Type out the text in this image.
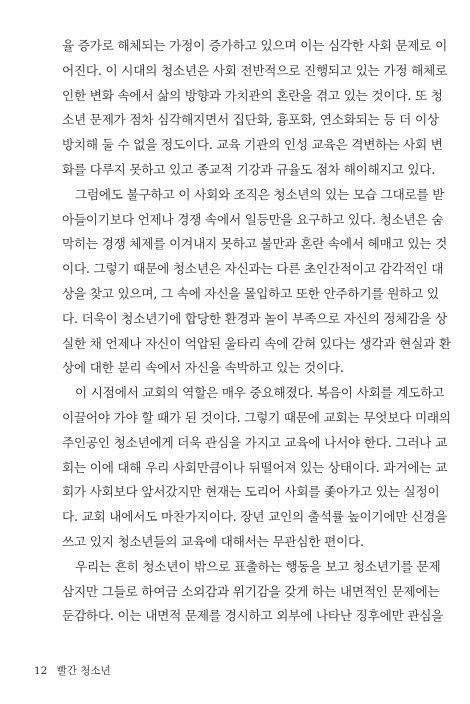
율 증가로 해체되는 가정이 증가하고 있으며 이는 심각한 사회 문제로 이
어진다. 이 시대의 청소년은 사회 전반적으로 진행되고 있는 가정 해체로
인한 변화 속에서 삶의 방향과 가치관의 혼란을 겪고 있는 것이다. 또 청
소년 문제가 점차 심각해지면서 집단화, 흉포화, 연소화되는 등 더 이상
방치해 둘 수 없을 정도이다. 교육 기관의 인성 교육은 격변하는 사회 변
화를 다루지 못하고 있고 종교적 기강과 규율도 점차 해이해지고 있다.
그럼에도 불구하고 이 사회와 조직은 청소년의 있는 모습 그대로를 받
아들이기보다 언제나 경쟁 속에서 일등만을 요구하고 있다. 청소년은 숨
막히는 경쟁 체제를 이겨내지 못하고 불만과 혼란 속에서 헤매고 있는 것
이다. 그렇기 때문에 청소년은 자신과는 다른 초인간적이고 감각적인 대
상을 찾고 있으며, 그 속에 자신을 몰입하고 또한 안주하기를 원하고 있
다. 더욱이 청소년기에 합당한 환경과 놀이 부족으로 자신의 정체감을 상
실한 채 언제나 자신이 억압된 울타리 속에 갇혀 있다는 생각과 현실과 환
상에 대한 분리 속에서 자신을 속박하고 있는 것이다.
이 시점에서 교회의 역할은 매우 중요해졌다. 복음이 사회를 계도하고
이끌어야 가야 할 때가 된 것이다. 그렇기 때문에 교회는 무엇보다 미래의
주인공인 청소년에게 더욱 관심을 가지고 교육에 나서야 한다. 그러나 교
회는 이에 대해 우리 사회만큼이나 뒤떨어져 있는 상태이다. 과거에는 교
회가 사회보다 앞서갔지만 현재는 도리어 사회를 좇아가고 있는 실정이
다. 교회 내에서도 마찬가지이다. 장년 교인의 출석률 높이기에만 신경을
쓰고 있지 청소년들의 교육에 대해서는 무관심한 편이다.
우리는 흔히 청소년이 밖으로 표출하는 행동을 보고 청소년기를 문제
삼지만 그들로 하여금 소외감과 위기감을 갖게 하는 내면적인 문제에는
둔감하다. 이는 내면적 문제를 경시하고 외부에 나타난 징후에만 관심을
12 빨간 청소년
